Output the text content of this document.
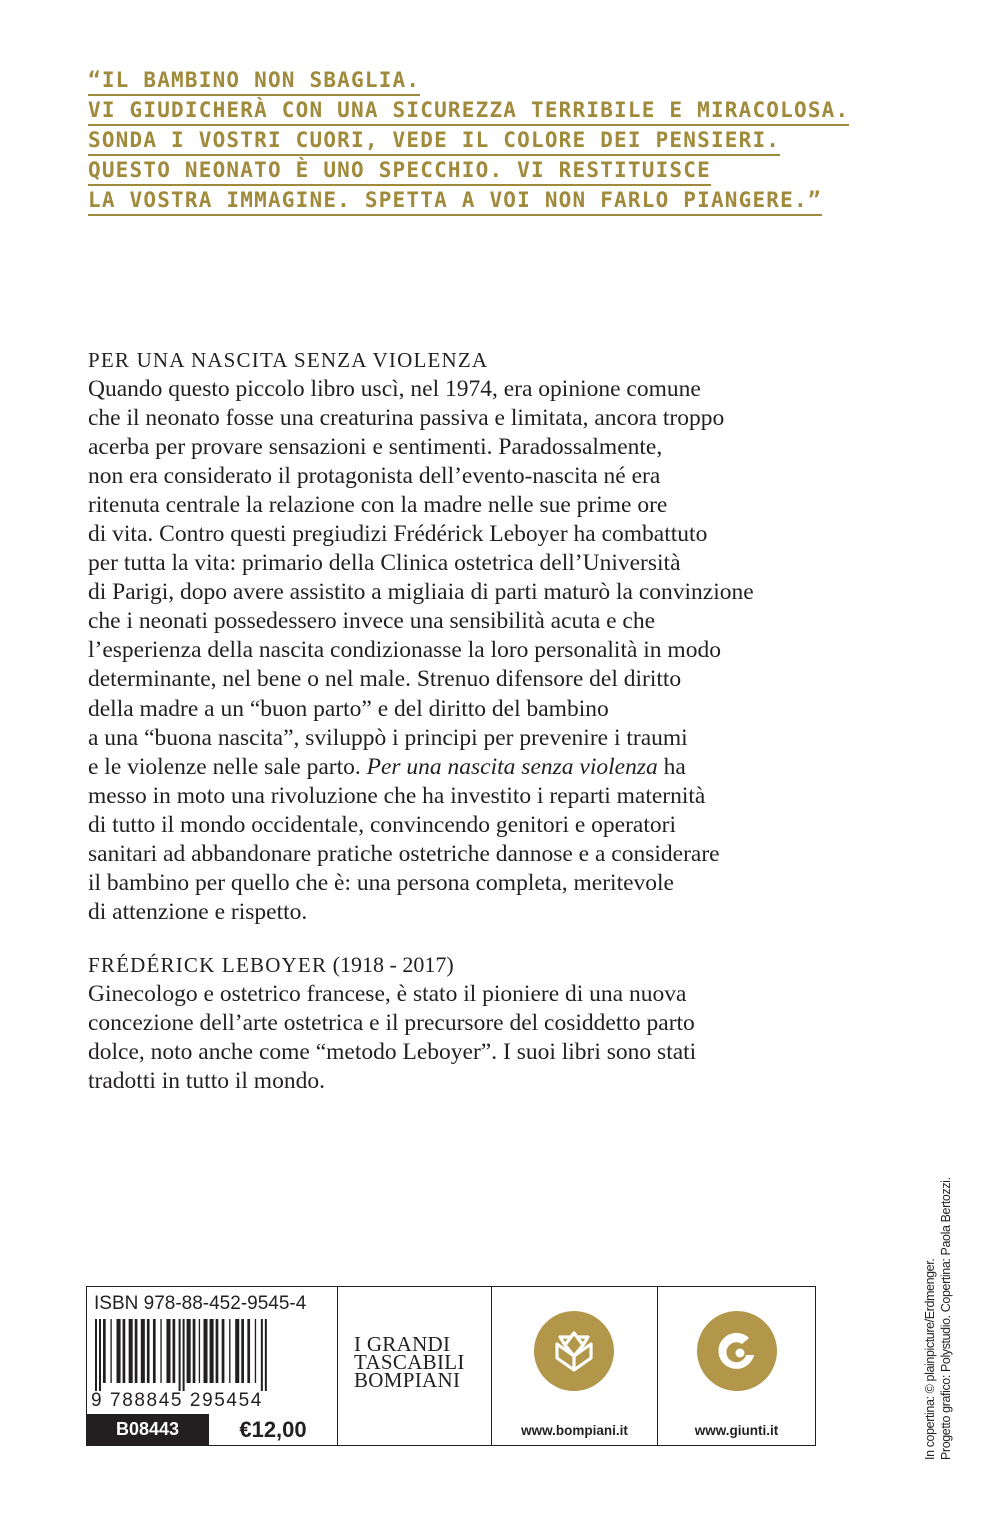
“IL BAMBINO NON SBAGLIA.
VI GIUDICHERÀ CON UNA SICUREZZA TERRIBILE E MIRACOLOSA.
SONDA I VOSTRI CUORI, VEDE IL COLORE DEI PENSIERI.
QUESTO NEONATO È UNO SPECCHIO. VI RESTITUISCE
LA VOSTRA IMMAGINE. SPETTA A VOI NON FARLO PIANGERE.”
PER UNA NASCITA SENZA VIOLENZA
Quando questo piccolo libro uscì, nel 1974, era opinione comune
che il neonato fosse una creaturina passiva e limitata, ancora troppo
acerba per provare sensazioni e sentimenti. Paradossalmente,
non era considerato il protagonista dell’evento-nascita né era
ritenuta centrale la relazione con la madre nelle sue prime ore
di vita. Contro questi pregiudizi Frédérick Leboyer ha combattuto
per tutta la vita: primario della Clinica ostetrica dell’Università
di Parigi, dopo avere assistito a migliaia di parti maturò la convinzione
che i neonati possedessero invece una sensibilità acuta e che
l’esperienza della nascita condizionasse la loro personalità in modo
determinante, nel bene o nel male. Strenuo difensore del diritto
della madre a un “buon parto” e del diritto del bambino
a una “buona nascita”, sviluppò i principi per prevenire i traumi
e le violenze nelle sale parto. Per una nascita senza violenza ha
messo in moto una rivoluzione che ha investito i reparti maternità
di tutto il mondo occidentale, convincendo genitori e operatori
sanitari ad abbandonare pratiche ostetriche dannose e a considerare
il bambino per quello che è: una persona completa, meritevole
di attenzione e rispetto.
FRÉDÉRICK LEBOYER (1918 - 2017)
Ginecologo e ostetrico francese, è stato il pioniere di una nuova
concezione dell’arte ostetrica e il precursore del cosiddetto parto
dolce, noto anche come “metodo Leboyer”. I suoi libri sono stati
tradotti in tutto il mondo.
In copertina: © plainpicture/Erdmenger. Progetto grafico: Polystudio. Copertina: Paola Bertozzi.
ISBN 978-88-452-9545-4
9 788845 295454
B08443	€12,00
I GRANDI
TASCABILI
BOMPIANI
www.bompiani.it	www.giunti.it
